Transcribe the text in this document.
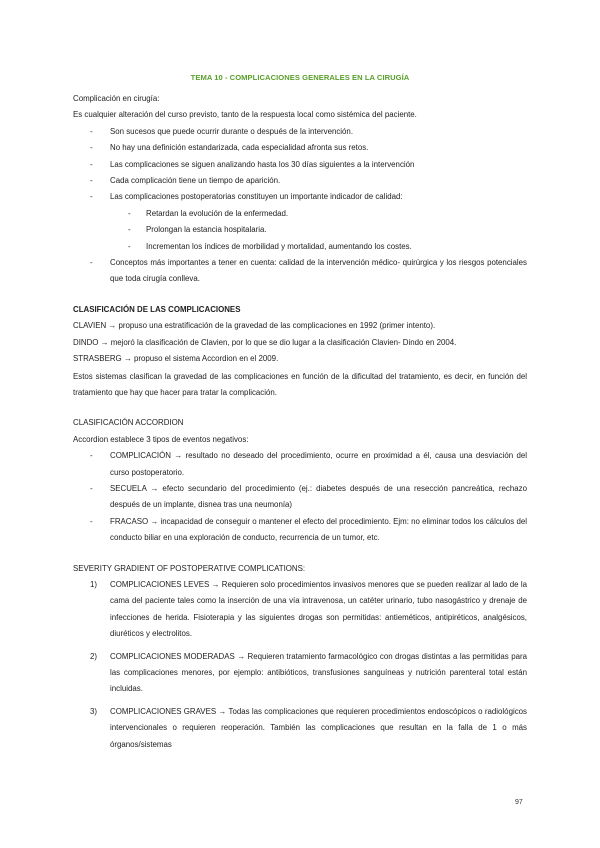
TEMA 10 - COMPLICACIONES GENERALES EN LA CIRUGÍA

Complicación en cirugía:

Es cualquier alteración del curso previsto, tanto de la respuesta local como sistémica del paciente.

- Son sucesos que puede ocurrir durante o después de la intervención.
- No hay una definición estandarizada, cada especialidad afronta sus retos.
- Las complicaciones se siguen analizando hasta los 30 días siguientes a la intervención
- Cada complicación tiene un tiempo de aparición.
- Las complicaciones postoperatorias constituyen un importante indicador de calidad:
- Retardan la evolución de la enfermedad.
- Prolongan la estancia hospitalaria.
- Incrementan los índices de morbilidad y mortalidad, aumentando los costes.
- Conceptos más importantes a tener en cuenta: calidad de la intervención médico- quirúrgica y los riesgos potenciales que toda cirugía conlleva.

CLASIFICACIÓN DE LAS COMPLICACIONES

CLAVIEN → propuso una estratificación de la gravedad de las complicaciones en 1992 (primer intento).

DINDO → mejoró la clasificación de Clavien, por lo que se dio lugar a la clasificación Clavien- Dindo en 2004.

STRASBERG → propuso el sistema Accordion en el 2009.

Estos sistemas clasifican la gravedad de las complicaciones en función de la dificultad del tratamiento, es decir, en función del tratamiento que hay que hacer para tratar la complicación.

CLASIFICACIÓN ACCORDION

Accordion establece 3 tipos de eventos negativos:

- COMPLICACIÓN → resultado no deseado del procedimiento, ocurre en proximidad a él, causa una desviación del curso postoperatorio.
- SECUELA → efecto secundario del procedimiento (ej.: diabetes después de una resección pancreática, rechazo después de un implante, disnea tras una neumonía)
- FRACASO → incapacidad de conseguir o mantener el efecto del procedimiento. Ejm: no eliminar todos los cálculos del conducto biliar en una exploración de conducto, recurrencia de un tumor, etc.

SEVERITY GRADIENT OF POSTOPERATIVE COMPLICATIONS:

1) COMPLICACIONES LEVES → Requieren solo procedimientos invasivos menores que se pueden realizar al lado de la cama del paciente tales como la inserción de una vía intravenosa, un catéter urinario, tubo nasogástrico y drenaje de infecciones de herida. Fisioterapia y las siguientes drogas son permitidas: antieméticos, antipiréticos, analgésicos, diuréticos y electrolitos.
2) COMPLICACIONES MODERADAS → Requieren tratamiento farmacológico con drogas distintas a las permitidas para las complicaciones menores, por ejemplo: antibióticos, transfusiones sanguíneas y nutrición parenteral total están incluidas.
3) COMPLICACIONES GRAVES → Todas las complicaciones que requieren procedimientos endoscópicos o radiológicos intervencionales o requieren reoperación. También las complicaciones que resultan en la falla de 1 o más órganos/sistemas
97
